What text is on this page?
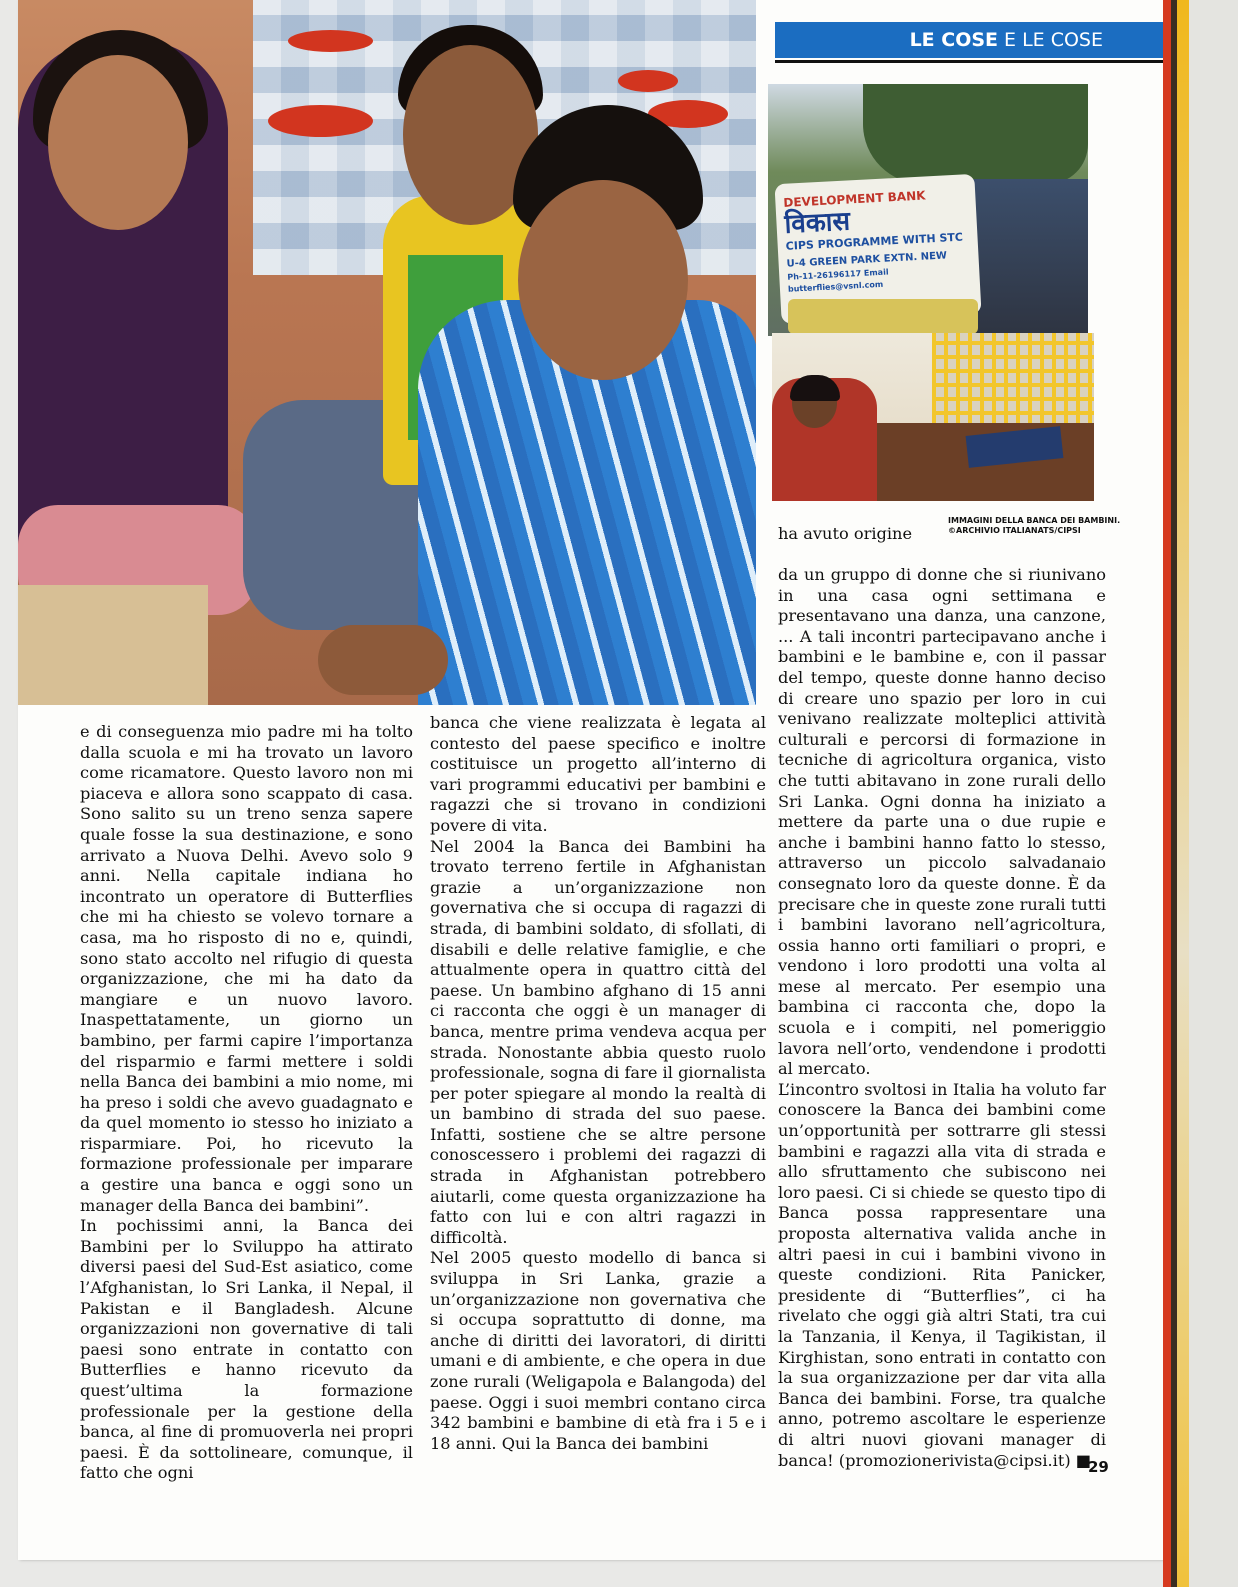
LE COSE E LE COSE
DEVELOPMENT BANK
विकास
CIPS PROGRAMME WITH STC
U-4 GREEN PARK EXTN. NEW
Ph-11-26196117 Email butterflies@vsnl.com
IMMAGINI DELLA BANCA DEI BAMBINI.
©ARCHIVIO ITALIANATS/CIPSI

e di conseguenza mio padre mi ha tolto dalla scuola e mi ha trovato un lavoro come ricamatore. Questo lavoro non mi piaceva e allora sono scappato di casa. Sono salito su un treno senza sapere quale fosse la sua destinazione, e sono arrivato a Nuova Delhi. Avevo solo 9 anni. Nella capitale indiana ho incontrato un operatore di Butterflies che mi ha chiesto se volevo tornare a casa, ma ho risposto di no e, quindi, sono stato accolto nel rifugio di questa organizzazione, che mi ha dato da mangiare e un nuovo lavoro. Inaspettatamente, un giorno un bambino, per farmi capire l’importanza del risparmio e farmi mettere i soldi nella Banca dei bambini a mio nome, mi ha preso i soldi che avevo guadagnato e da quel momento io stesso ho iniziato a risparmiare. Poi, ho ricevuto la formazione professionale per imparare a gestire una banca e oggi sono un manager della Banca dei bambini”.

In pochissimi anni, la Banca dei Bambini per lo Sviluppo ha attirato diversi paesi del Sud-Est asiatico, come l’Afghanistan, lo Sri Lanka, il Nepal, il Pakistan e il Bangladesh. Alcune organizzazioni non governative di tali paesi sono entrate in contatto con Butterflies e hanno ricevuto da quest’ultima la formazione professionale per la gestione della banca, al fine di promuoverla nei propri paesi. È da sottolineare, comunque, il fatto che ogni

banca che viene realizzata è legata al contesto del paese specifico e inoltre costituisce un progetto all’interno di vari programmi educativi per bambini e ragazzi che si trovano in condizioni povere di vita.

Nel 2004 la Banca dei Bambini ha trovato terreno fertile in Afghanistan grazie a un’organizzazione non governativa che si occupa di ragazzi di strada, di bambini soldato, di sfollati, di disabili e delle relative famiglie, e che attualmente opera in quattro città del paese. Un bambino afghano di 15 anni ci racconta che oggi è un manager di banca, mentre prima vendeva acqua per strada. Nonostante abbia questo ruolo professionale, sogna di fare il giornalista per poter spiegare al mondo la realtà di un bambino di strada del suo paese. Infatti, sostiene che se altre persone conoscessero i problemi dei ragazzi di strada in Afghanistan potrebbero aiutarli, come questa organizzazione ha fatto con lui e con altri ragazzi in difficoltà.

Nel 2005 questo modello di banca si sviluppa in Sri Lanka, grazie a un’organizzazione non governativa che si occupa soprattutto di donne, ma anche di diritti dei lavoratori, di diritti umani e di ambiente, e che opera in due zone rurali (Weligapola e Balangoda) del paese. Oggi i suoi membri contano circa 342 bambini e bambine di età fra i 5 e i 18 anni. Qui la Banca dei bambini

ha avuto origine

da un gruppo di donne che si riunivano in una casa ogni settimana e presentavano una danza, una canzone, ... A tali incontri partecipavano anche i bambini e le bambine e, con il passar del tempo, queste donne hanno deciso di creare uno spazio per loro in cui venivano realizzate molteplici attività culturali e percorsi di formazione in tecniche di agricoltura organica, visto che tutti abitavano in zone rurali dello Sri Lanka. Ogni donna ha iniziato a mettere da parte una o due rupie e anche i bambini hanno fatto lo stesso, attraverso un piccolo salvadanaio consegnato loro da queste donne. È da precisare che in queste zone rurali tutti i bambini lavorano nell’agricoltura, ossia hanno orti familiari o propri, e vendono i loro prodotti una volta al mese al mercato. Per esempio una bambina ci racconta che, dopo la scuola e i compiti, nel pomeriggio lavora nell’orto, vendendone i prodotti al mercato.

L’incontro svoltosi in Italia ha voluto far conoscere la Banca dei bambini come un’opportunità per sottrarre gli stessi bambini e ragazzi alla vita di strada e allo sfruttamento che subiscono nei loro paesi. Ci si chiede se questo tipo di Banca possa rappresentare una proposta alternativa valida anche in altri paesi in cui i bambini vivono in queste condizioni. Rita Panicker, presidente di “Butterflies”, ci ha rivelato che oggi già altri Stati, tra cui la Tanzania, il Kenya, il Tagikistan, il Kirghistan, sono entrati in contatto con la sua organizzazione per dar vita alla Banca dei bambini. Forse, tra qualche anno, potremo ascoltare le esperienze di altri nuovi giovani manager di banca! (promozionerivista@cipsi.it) ■

29
